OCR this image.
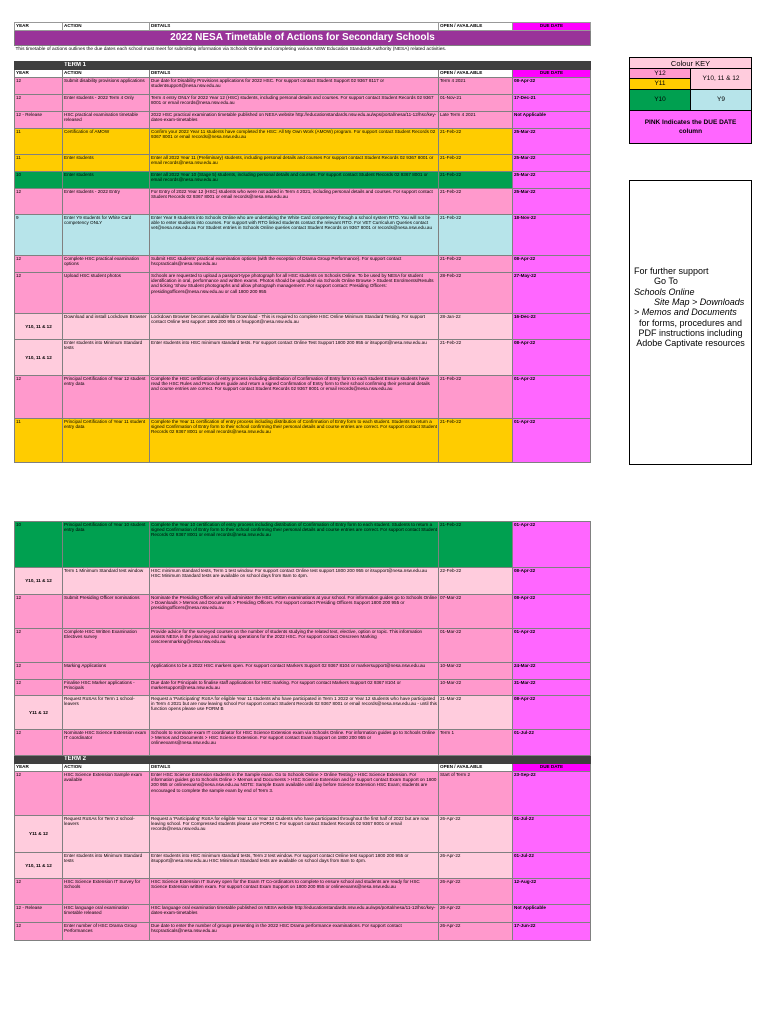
YEAR	ACTION	DETAILS	OPEN / AVAILABLE	DUE DATE
2022 NESA Timetable of Actions for Secondary Schools				
This timetable of actions outlines the due dates each school must meet for submitting information via Schools Online and completing various NSW Education Standards Authority (NESA) related activities.				
	TERM 1			
YEAR	ACTION	DETAILS	OPEN / AVAILABLE	DUE DATE
12	Submit disability provisions applications	Due date for Disability Provisions applications for 2022 HSC. For support contact Student Support 02 9367 8117 or studentsupport@nesa.nsw.edu.au	Term 4 2021	08-Apr-22
12	Enter students - 2022 Term 4 Only	Term 4 entry ONLY for 2022 Year 12 (HSC) students, including personal details and courses. For support contact Student Records 02 9367 8001 or email records@nesa.nsw.edu.au	01-Nov-21	17-Dec-21
12 - Release	HSC practical examination timetable released	2022 HSC practical examination timetable published on NESA website http://educationstandards.nsw.edu.au/wps/portal/nesa/11-12/hsc/key-dates-exam-timetables	Late Term 4 2021	Not Applicable
11	Certification of AMOW	Confirm your 2022 Year 11 students have completed the HSC: All My Own Work (AMOW) program. For support contact Student Records 02 9367 8001 or email records@nesa.nsw.edu.au	21-Feb-22	25-Mar-22
11	Enter students	Enter all 2022 Year 11 (Preliminary) students, including personal details and courses For support contact Student Records 02 9367 8001 or email records@nesa.nsw.edu.au	21-Feb-22	25-Mar-22
10	Enter students	Enter all 2022 Year 10 (Stage 5) students, including personal details and courses. For support contact Student Records 02 9367 8001 or email records@nesa.nsw.edu.au	21-Feb-22	25-Mar-22
12	Enter students - 2022 Entry	For Entry of 2022 Year 12 (HSC) students who were not added in Term 4 2021, including personal details and courses. For support contact Student Records 02 9367 8001 or email records@nesa.nsw.edu.au	21-Feb-22	25-Mar-22
9	Enter Y9 students for White Card competency ONLY	Enter Year 9 students into Schools Online who are undertaking the White Card competency through a school system RTO. You will not be able to enter students into courses. For support with RTO linked students contact the relevant RTO. For VET Curriculum Queries contact vet@nesa.nsw.edu.au For Student entries in Schools Online queries contact Student Records on 9367 8001 or records@nesa.nsw.edu.au	21-Feb-22	18-Nov-22
12	Complete HSC practical examination options	Submit HSC students' practical examination options (with the exception of Drama Group Performance). For support contact hscpracticals@nesa.nsw.edu.au	21-Feb-22	08-Apr-22
12	Upload HSC student photos	Schools are requested to upload a passport-type photograph for all HSC students on Schools Online. To be used by NESA for student identification in oral, performance and written exams. Photos should be uploaded via Schools Online Browse > Student Enrolments/Results and ticking 'Show Student photographs and allow photograph management'. For support contact: Presiding Officers: presidingofficers@nesa.nsw.edu.au or call 1800 200 955	28-Feb-22	27-May-22
Y10, 11 & 12	Download and install Lockdown Browser	Lockdown Browser becomes available for Download - This is required to complete HSC Online Minimum Standard Testing. For support contact Online test support 1800 200 955 or hsupport@nesa.nsw.edu.au	28-Jan-22	16-Dec-22
Y10, 11 & 12	Enter students into Minimum Standard tests	Enter students into HSC minimum standard tests. For support contact Online Test Support 1800 200 955 or itsupport@nesa.nsw.edu.au	21-Feb-22	08-Apr-22
12	Principal Certification of Year 12 student entry data	Complete the HSC certification of entry process including distribution of Confirmation of Entry form to each student Ensure students have read the HSC Rules and Procedures guide and return a signed Confirmation of Entry form to their school confirming their personal details and course entries are correct. For support contact Student Records 02 9367 8001 or email records@nesa.nsw.edu.au	21-Feb-22	01-Apr-22
11	Principal Certification of Year 11 student entry data	Complete the Year 11 certification of entry process including distribution of Confirmation of Entry form to each student. Students to return a signed Confirmation of Entry form to their school confirming their personal details and course entries are correct. For support contact Student Records 02 9367 8001 or email records@nesa.nsw.edu.au	21-Feb-22	01-Apr-22
10	Principal Certification of Year 10 student entry data	Complete the Year 10 certification of entry process including distribution of Confirmation of Entry form to each student. Students to return a signed Confirmation of Entry form to their school confirming their personal details and course entries are correct. For support contact Student Records 02 9367 8001 or email records@nesa.nsw.edu.au	21-Feb-22	01-Apr-22
Y10, 11 & 12	Term 1 Minimum Standard test window	HSC minimum standard tests, Term 1 test window. For support contact Online test support 1800 200 955 or itsupport@nesa.nsw.edu.au HSC Minimum Standard tests are available on school days from 8am to 4pm.	22-Feb-22	08-Apr-22
12	Submit Presiding Officer nominations	Nominate the Presiding Officer who will administer the HSC written examinations at your school. For information guides go to Schools Online > Downloads > Memos and Documents > Presiding Officers. For support contact Presiding Officers Support 1800 200 955 or presidingofficers@nesa.nsw.edu.au	07-Mar-22	08-Apr-22
12	Complete HSC Written Examination Electives survey	Provide advice for the surveyed courses on the number of students studying the related text, elective, option or topic. This information assists NESA in the planning and marking operations for the 2022 HSC. For support contact Onscreen Marking onscreenmarking@nesa.nsw.edu.au	01-Mar-22	01-Apr-22
12	Marking Applications	Applications to be a 2022 HSC markers open. For support contact Markers Support 02 9367 8104 or markersupport@nesa.nsw.edu.au	10-Mar-22	24-Mar-22
12	Finalise HSC Marker applications - Principals	Due date for Principals to finalise staff applications for HSC marking. For support contact Markers Support 02 9367 8104 or markersupport@nesa.nsw.edu.au	10-Mar-22	31-Mar-22
Y11 & 12	Request RoSAs for Term 1 school-leavers	Request a 'Participating' RoSA for eligible Year 11 students who have participated in Term 1 2022 or Year 12 students who have participated in Term 4 2021 but are now leaving school For support contact Student Records 02 9367 8001 or email records@nesa.nsw.edu.au - until this function opens please use FORM B	21-Mar-22	08-Apr-22
12	Nominate HSC Science Extension exam IT coordinator	Schools to nominate exam IT coordinator for HSC Science Extension exam via Schools Online. For information guides go to Schools Online > Memos and Documents > HSC Science Extension. For support contact Exam Support on 1800 200 955 or onlineexams@nesa.nsw.edu.au	Term 1	01-Jul-22
	TERM 2			
YEAR	ACTION	DETAILS	OPEN / AVAILABLE	DUE DATE
12	HSC Science Extension Sample exam available	Enter HSC Science Extension students in the Sample exam. Go to Schools Online > Online Testing > HSC Science Extension. For information guides go to Schools Online > Memos and Documents > HSC Science Extension and for support contact Exam Support on 1800 200 955 or onlineexams@nesa.nsw.edu.au NOTE: Sample Exam available until day before Science Extension HSC Exam; students are encouraged to complete the sample exam by end of Term 3.	Start of Term 2	23-Sep-22
Y11 & 12	Request RoSAs for Term 2 school-leavers	Request a 'Participating' RoSA for eligible Year 11 or Year 12 students who have participated throughout the first half of 2022 but are now leaving school. For Compressed students please use FORM C For support contact Student Records 02 9367 8001 or email records@nesa.nsw.edu.au	26-Apr-22	01-Jul-22
Y10, 11 & 12	Enter students into Minimum Standard tests	Enter students into HSC minimum standard tests, Term 2 test window. For support contact Online test support 1800 200 955 or itsupport@nesa.nsw.edu.au HSC Minimum Standard tests are available on school days from 8am to 4pm.	26-Apr-22	01-Jul-22
12	HSC Science Extension IT Survey for Schools	HSC Science Extension IT Survey open for the Exam IT Co-ordinators to complete to ensure school and students are ready for HSC Science Extension written exam. For support contact Exam Support on 1800 200 955 or onlineexams@nesa.nsw.edu.au	26-Apr-22	12-Aug-22
12 - Release	HSC language oral examination timetable released	HSC language oral examination timetable published on NESA website http://educationstandards.nsw.edu.au/wps/portal/nesa/11-12/hsc/key-dates-exam-timetables	26-Apr-22	Not Applicable
12	Enter number of HSC Drama Group Performances	Due date to enter the number of groups presenting in the 2022 HSC Drama performance examinations. For support contact hscpracticals@nesa.nsw.edu.au	26-Apr-22	17-Jun-22
Colour KEY
Y12
Y11
Y10, 11 & 12
Y10	Y9
PINK Indicates the DUE DATE column
For further support
Go To
Schools Online
Site Map > Downloads
> Memos and Documents
for forms, procedures and PDF instructions including Adobe Captivate resources
